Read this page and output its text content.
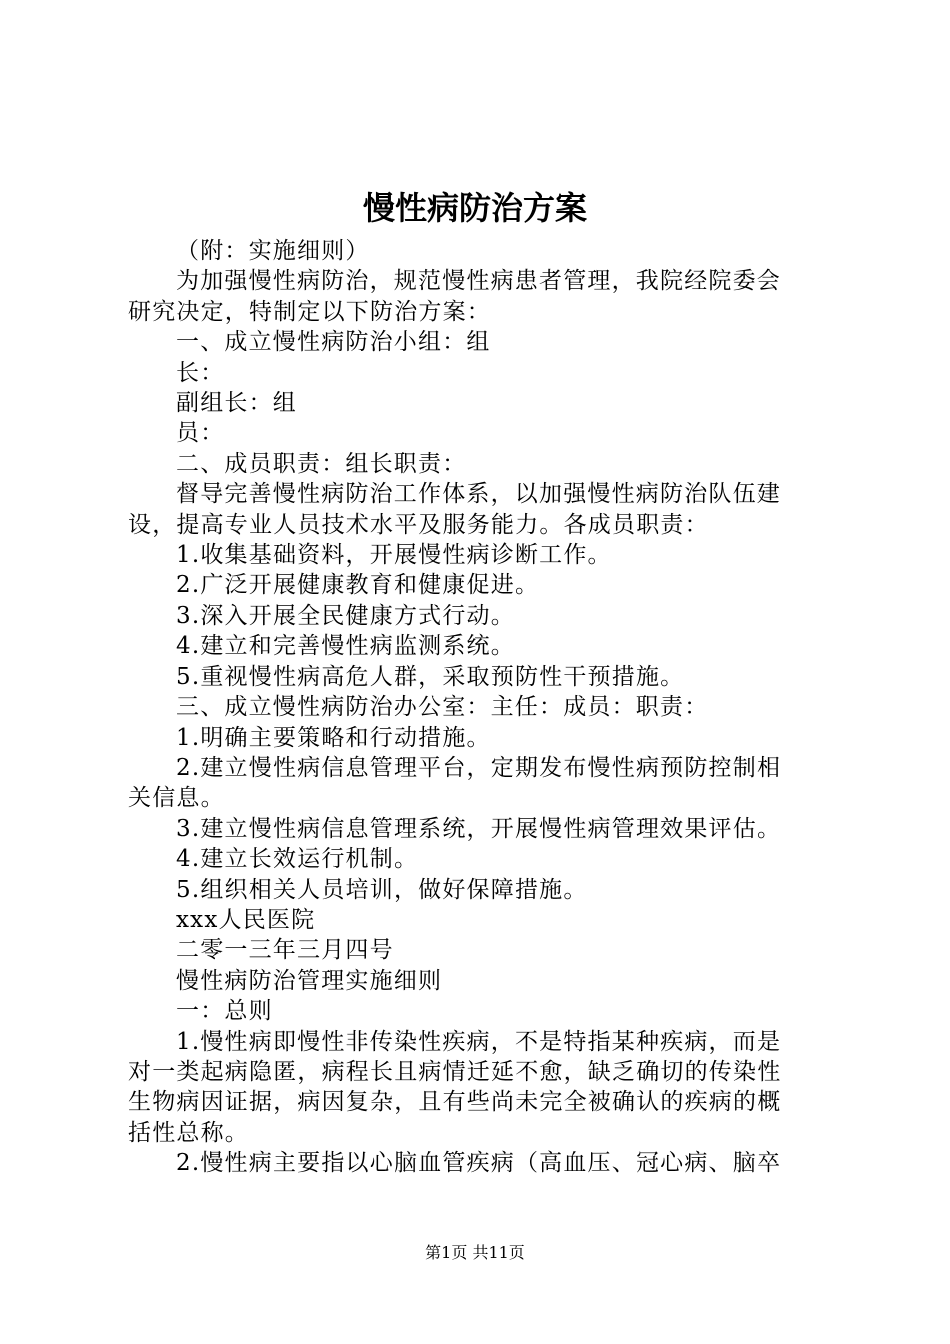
慢性病防治方案

（附：实施细则）

为加强慢性病防治，规范慢性病患者管理，我院经院委会

研究决定，特制定以下防治方案：

一、成立慢性病防治小组：组

长：

副组长：组

员：

二、成员职责：组长职责：

督导完善慢性病防治工作体系，以加强慢性病防治队伍建

设，提高专业人员技术水平及服务能力。各成员职责：

1.收集基础资料，开展慢性病诊断工作。

2.广泛开展健康教育和健康促进。

3.深入开展全民健康方式行动。

4.建立和完善慢性病监测系统。

5.重视慢性病高危人群，采取预防性干预措施。

三、成立慢性病防治办公室：主任：成员：职责：

1.明确主要策略和行动措施。

2.建立慢性病信息管理平台，定期发布慢性病预防控制相

关信息。

3.建立慢性病信息管理系统，开展慢性病管理效果评估。

4.建立长效运行机制。

5.组织相关人员培训，做好保障措施。

xxx人民医院

二零一三年三月四号

慢性病防治管理实施细则

一：总则

1.慢性病即慢性非传染性疾病，不是特指某种疾病，而是

对一类起病隐匿，病程长且病情迁延不愈，缺乏确切的传染性

生物病因证据，病因复杂，且有些尚未完全被确认的疾病的概

括性总称。

2.慢性病主要指以心脑血管疾病（高血压、冠心病、脑卒

第1页 共11页
